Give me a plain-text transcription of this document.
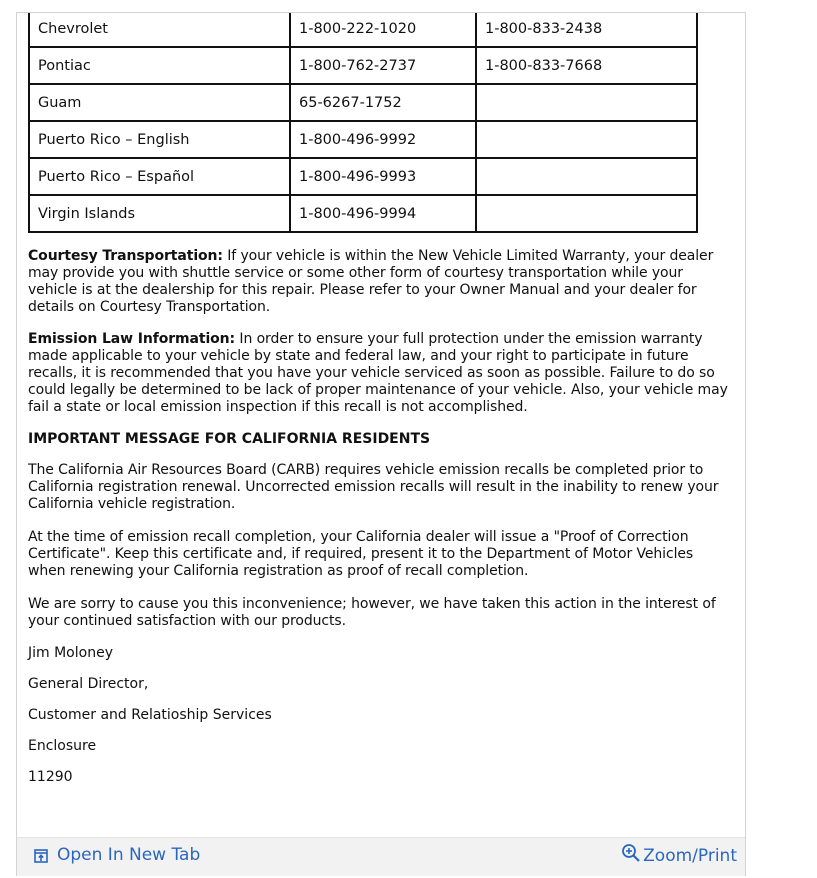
Chevrolet	1-800-222-1020	1-800-833-2438
Pontiac	1-800-762-2737	1-800-833-7668
Guam	65-6267-1752	
Puerto Rico – English	1-800-496-9992	
Puerto Rico – Español	1-800-496-9993	
Virgin Islands	1-800-496-9994	

Courtesy Transportation: If your vehicle is within the New Vehicle Limited Warranty, your dealer may provide you with shuttle service or some other form of courtesy transportation while your vehicle is at the dealership for this repair. Please refer to your Owner Manual and your dealer for details on Courtesy Transportation.

Emission Law Information: In order to ensure your full protection under the emission warranty made applicable to your vehicle by state and federal law, and your right to participate in future recalls, it is recommended that you have your vehicle serviced as soon as possible. Failure to do so could legally be determined to be lack of proper maintenance of your vehicle. Also, your vehicle may fail a state or local emission inspection if this recall is not accomplished.

IMPORTANT MESSAGE FOR CALIFORNIA RESIDENTS

The California Air Resources Board (CARB) requires vehicle emission recalls be completed prior to California registration renewal. Uncorrected emission recalls will result in the inability to renew your California vehicle registration.

At the time of emission recall completion, your California dealer will issue a "Proof of Correction Certificate". Keep this certificate and, if required, present it to the Department of Motor Vehicles when renewing your California registration as proof of recall completion.

We are sorry to cause you this inconvenience; however, we have taken this action in the interest of your continued satisfaction with our products.

Jim Moloney

General Director,

Customer and Relatioship Services

Enclosure

11290

Open In New Tab	Zoom/Print
